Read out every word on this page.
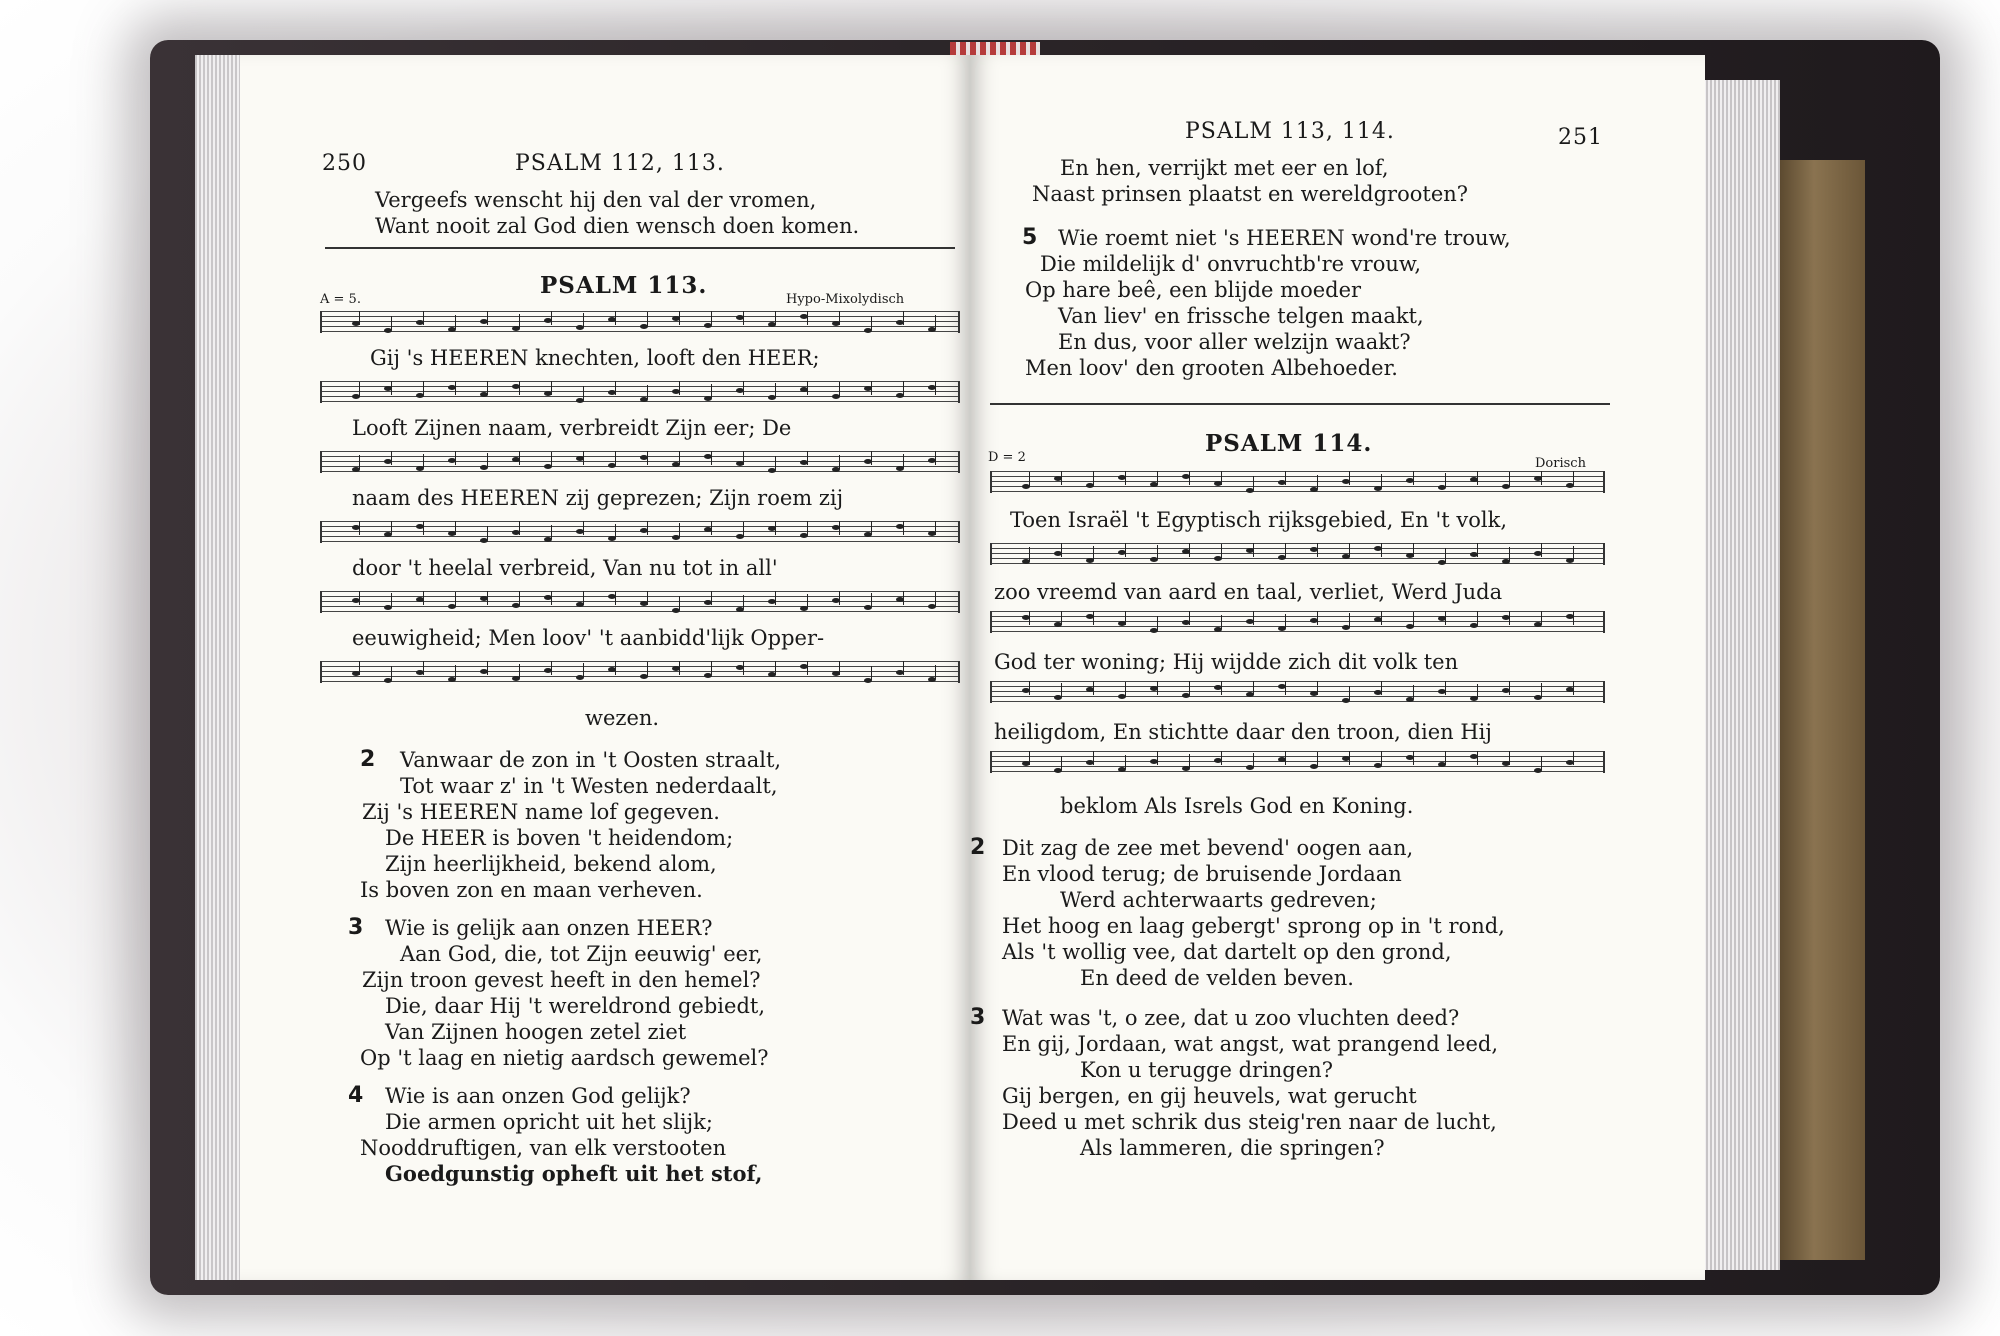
250	PSALM 112, 113.
Vergeefs wenscht hij den val der vromen,
Want nooit zal God dien wensch doen komen.
A = 5.
PSALM 113.
Hypo-Mixolydisch
Gij 's HEEREN knechten, looft den HEER;
Looft Zijnen naam, verbreidt Zijn eer; De
naam des HEEREN zij geprezen; Zijn roem zij
door 't heelal verbreid, Van nu tot in all'
eeuwigheid; Men loov' 't aanbidd'lijk Opper-
wezen.
2 Vanwaar de zon in 't Oosten straalt,
Tot waar z' in 't Westen nederdaalt,
Zij 's HEEREN name lof gegeven.
De HEER is boven 't heidendom;
Zijn heerlijkheid, bekend alom,
Is boven zon en maan verheven.
3 Wie is gelijk aan onzen HEER?
Aan God, die, tot Zijn eeuwig' eer,
Zijn troon gevest heeft in den hemel?
Die, daar Hij 't wereldrond gebiedt,
Van Zijnen hoogen zetel ziet
Op 't laag en nietig aardsch gewemel?
4 Wie is aan onzen God gelijk?
Die armen opricht uit het slijk;
Nooddruftigen, van elk verstooten
Goedgunstig opheft uit het stof,
PSALM 113, 114.	251
En hen, verrijkt met eer en lof,
Naast prinsen plaatst en wereldgrooten?
5 Wie roemt niet 's HEEREN wond're trouw,
Die mildelijk d' onvruchtb're vrouw,
Op hare beê, een blijde moeder
Van liev' en frissche telgen maakt,
En dus, voor aller welzijn waakt?
Men loov' den grooten Albehoeder.
D = 2
PSALM 114.
Dorisch
Toen Israël 't Egyptisch rijksgebied, En 't volk,
zoo vreemd van aard en taal, verliet, Werd Juda
God ter woning; Hij wijdde zich dit volk ten
heiligdom, En stichtte daar den troon, dien Hij
beklom Als Isrels God en Koning.
2 Dit zag de zee met bevend' oogen aan,
En vlood terug; de bruisende Jordaan
Werd achterwaarts gedreven;
Het hoog en laag gebergt' sprong op in 't rond,
Als 't wollig vee, dat dartelt op den grond,
En deed de velden beven.
3 Wat was 't, o zee, dat u zoo vluchten deed?
En gij, Jordaan, wat angst, wat prangend leed,
Kon u terugge dringen?
Gij bergen, en gij heuvels, wat gerucht
Deed u met schrik dus steig'ren naar de lucht,
Als lammeren, die springen?
